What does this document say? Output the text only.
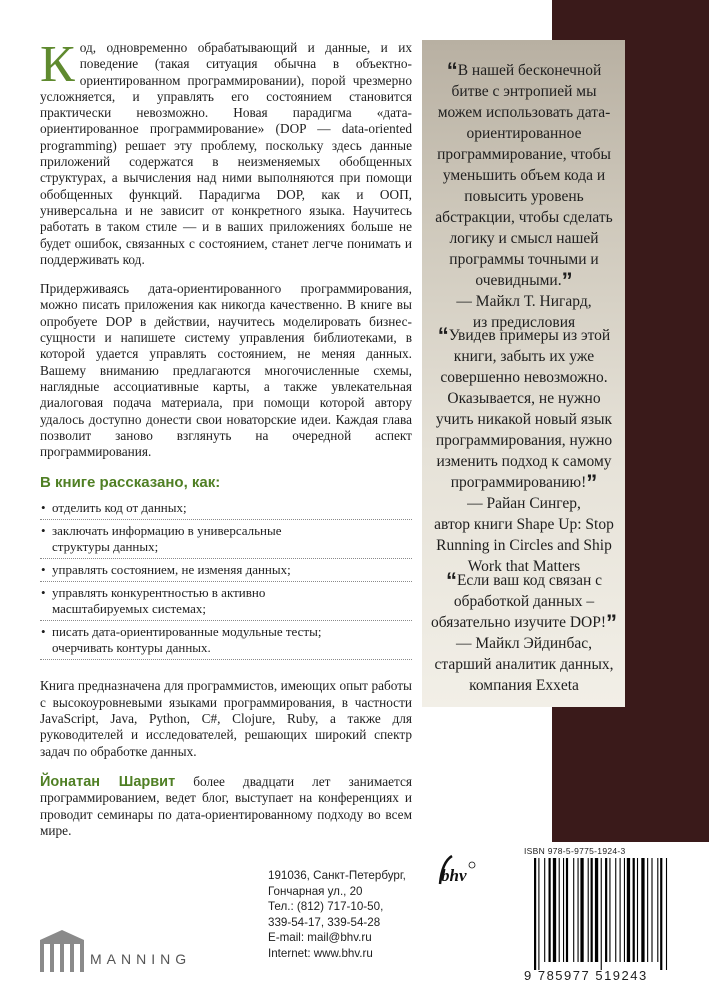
Код, одновременно обрабатывающий и данные, и их поведение (такая ситуация обычна в объектно-ориентированном программировании), порой чрезмерно усложняется, и управлять его состоянием становится практически невозможно. Новая парадигма «дата-ориентированное программирование» (DOP — data-oriented programming) решает эту проблему, поскольку здесь данные приложений содержатся в неизменяемых обобщенных структурах, а вычисления над ними выполняются при помощи обобщенных функций. Парадигма DOP, как и ООП, универсальна и не зависит от конкретного языка. Научитесь работать в таком стиле — и в ваших приложениях больше не будет ошибок, связанных с состоянием, станет легче понимать и поддерживать код.

Придерживаясь дата-ориентированного программирования, можно писать приложения как никогда качественно. В книге вы опробуете DOP в действии, научитесь моделировать бизнес-сущности и напишете систему управления библиотеками, в которой удается управлять состоянием, не меняя данных. Вашему вниманию предлагаются многочисленные схемы, наглядные ассоциативные карты, а также увлекательная диалоговая подача материала, при помощи которой автору удалось доступно донести свои новаторские идеи. Каждая глава позволит заново взглянуть на очередной аспект программирования.

В книге рассказано, как:
• отделить код от данных;
• заключать информацию в универсальные структуры данных;
• управлять состоянием, не изменяя данных;
• управлять конкурентностью в активно масштабируемых системах;
• писать дата-ориентированные модульные тесты; очерчивать контуры данных.

Книга предназначена для программистов, имеющих опыт работы с высокоуровневыми языками программирования, в частности JavaScript, Java, Python, C#, Clojure, Ruby, а также для руководителей и исследователей, решающих широкий спектр задач по обработке данных.

Йонатан Шарвит более двадцати лет занимается программированием, ведет блог, выступает на конференциях и проводит семинары по дата-ориентированному подходу во всем мире.

“В нашей бесконечной битве с энтропией мы можем использовать дата-ориентированное программирование, чтобы уменьшить объем кода и повысить уровень абстракции, чтобы сделать логику и смысл нашей программы точными и очевидными.”
— Майкл Т. Нигард,
из предисловия
“Увидев примеры из этой книги, забыть их уже совершенно невозможно. Оказывается, не нужно учить никакой новый язык программирования, нужно изменить подход к самому программированию!”
— Райан Сингер,
автор книги Shape Up: Stop Running in Circles and Ship Work that Matters
“Если ваш код связан с обработкой данных – обязательно изучите DOP!”
— Майкл Эйдинбас,
старший аналитик данных,
компания Exxeta
191036, Санкт-Петербург,
Гончарная ул., 20
Тел.: (812) 717-10-50,
339-54-17, 339-54-28
E-mail: mail@bhv.ru
Internet: www.bhv.ru
bhv
MANNING
ISBN 978-5-9775-1924-3
9 785977 519243
